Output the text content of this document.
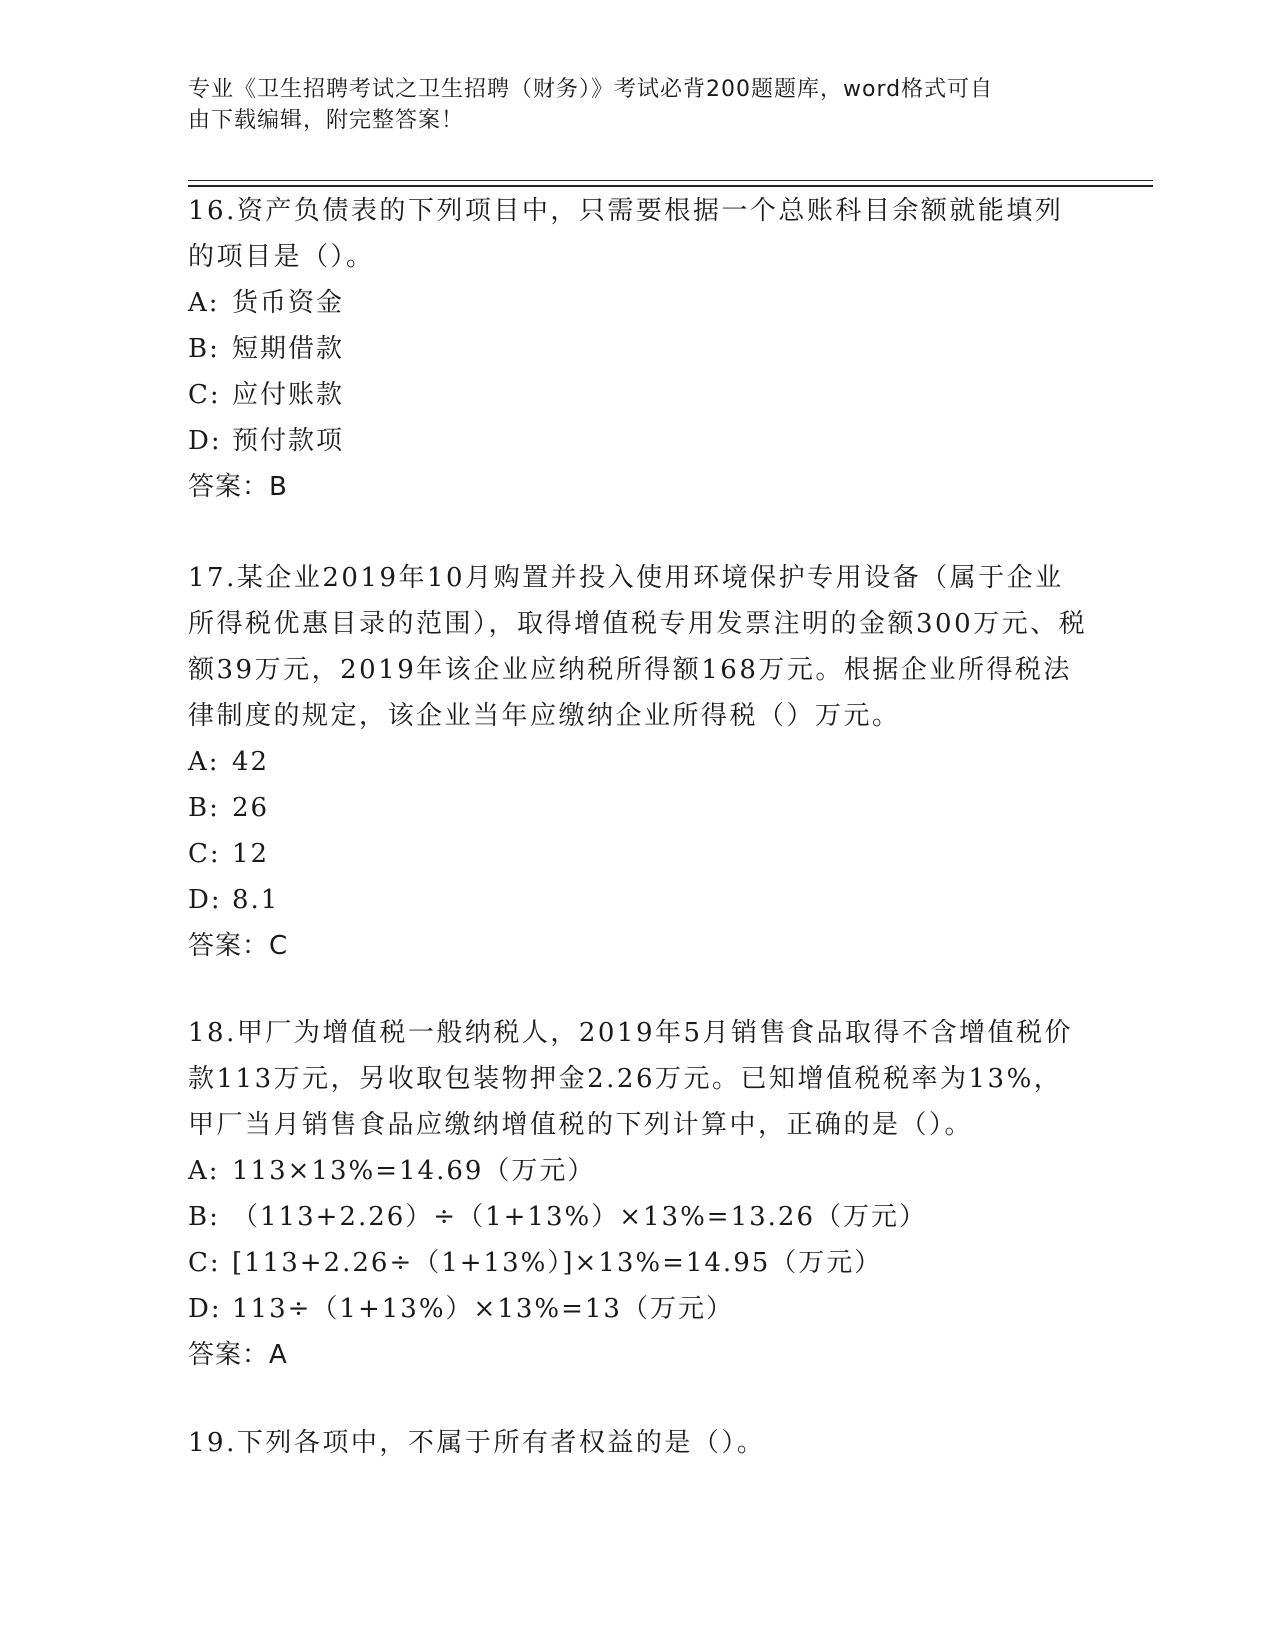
专业《卫生招聘考试之卫生招聘（财务）》考试必背200题题库，word格式可自
由下载编辑，附完整答案！

16.资产负债表的下列项目中，只需要根据一个总账科目余额就能填列的项目是（）。

A: 货币资金

B: 短期借款

C: 应付账款

D: 预付款项

答案：B

17.某企业2019年10月购置并投入使用环境保护专用设备（属于企业所得税优惠目录的范围），取得增值税专用发票注明的金额300万元、税额39万元，2019年该企业应纳税所得额168万元。根据企业所得税法律制度的规定，该企业当年应缴纳企业所得税（）万元。

A: 42

B: 26

C: 12

D: 8.1

答案：C

18.甲厂为增值税一般纳税人，2019年5月销售食品取得不含增值税价款113万元，另收取包装物押金2.26万元。已知增值税税率为13%，甲厂当月销售食品应缴纳增值税的下列计算中，正确的是（）。

A: 113×13%=14.69（万元）

B: （113+2.26）÷（1+13%）×13%=13.26（万元）

C: [113+2.26÷（1+13%）]×13%=14.95（万元）

D: 113÷（1+13%）×13%=13（万元）

答案：A

19.下列各项中，不属于所有者权益的是（）。
